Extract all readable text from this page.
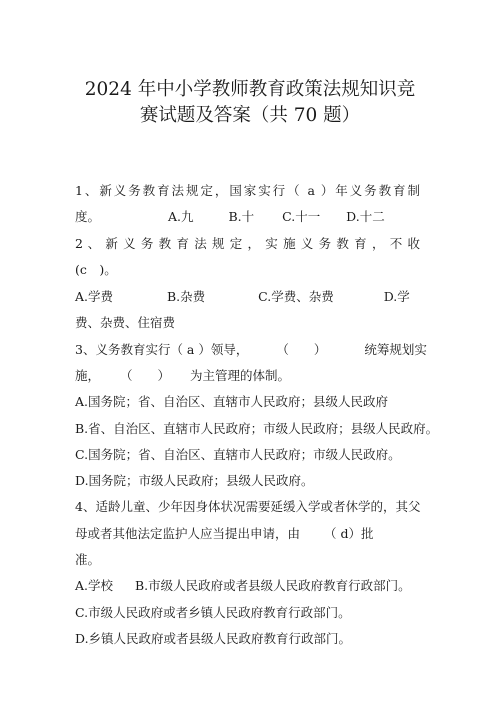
2024 年中小学教师教育政策法规知识竞
赛试题及答案（共 70 题）
1、新义务教育法规定，国家实行（ a ）年义务教育制
度。	A.九	B.十 C.十一 D.十二
2 、 新 义 务 教 育 法 规 定 ， 实 施 义 务 教 育 ， 不 收
(c　)。
A.学费	B.杂费	C.学费、杂费	D.学
费、杂费、住宿费
3、义务教育实行（ a ）领导， （　　）	统筹规划实
施， （　　） 为主管理的体制。
A.国务院；省、自治区、直辖市人民政府；县级人民政府
B.省、自治区、直辖市人民政府；市级人民政府；县级人民政府。
C.国务院；省、自治区、直辖市人民政府；市级人民政府。
D.国务院；市级人民政府；县级人民政府。
4、适龄儿童、少年因身体状况需要延缓入学或者休学的，其父
母或者其他法定监护人应当提出申请，由 （ d）批
准。
A.学校 B.市级人民政府或者县级人民政府教育行政部门。
C.市级人民政府或者乡镇人民政府教育行政部门。
D.乡镇人民政府或者县级人民政府教育行政部门。
